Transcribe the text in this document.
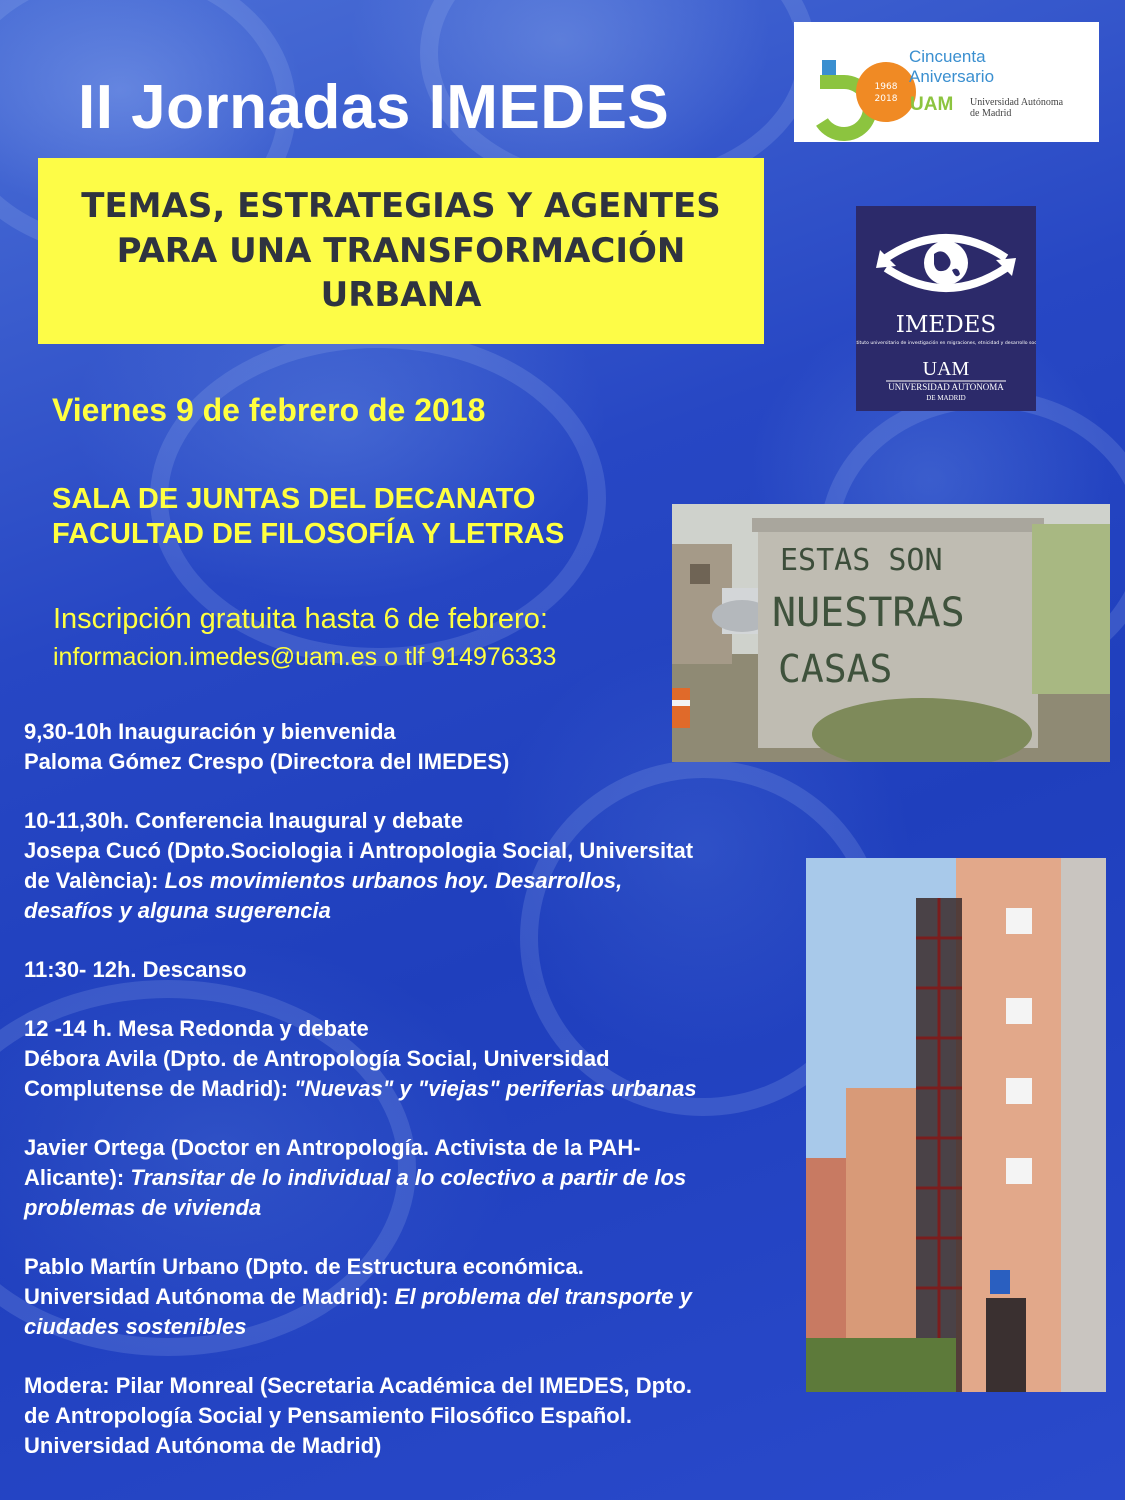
II Jornadas IMEDES
TEMAS, ESTRATEGIAS Y AGENTES
PARA UNA TRANSFORMACIÓN
URBANA
1968
2018
Cincuenta
Aniversario
UAM Universidad Autónoma
de Madrid
IMEDES
instituto universitario de investigación en migraciones, etnicidad y desarrollo social
UAM
UNIVERSIDAD AUTONOMA
DE MADRID

Viernes 9 de febrero de 2018

SALA DE JUNTAS DEL DECANATO
FACULTAD DE FILOSOFÍA Y LETRAS
Inscripción gratuita hasta 6 de febrero:
informacion.imedes@uam.es o tlf 914976333
ESTAS SON
NUESTRAS
CASAS

9,30-10h Inauguración y bienvenida

Paloma Gómez Crespo (Directora del IMEDES)

10-11,30h. Conferencia Inaugural y debate

Josepa Cucó (Dpto.Sociologia i Antropologia Social, Universitat

de València): Los movimientos urbanos hoy. Desarrollos,

desafíos y alguna sugerencia

11:30- 12h. Descanso

12 -14 h. Mesa Redonda y debate

Débora Avila (Dpto. de Antropología Social, Universidad

Complutense de Madrid): "Nuevas" y "viejas" periferias urbanas

Javier Ortega (Doctor en Antropología. Activista de la PAH-

Alicante): Transitar de lo individual a lo colectivo a partir de los

problemas de vivienda

Pablo Martín Urbano (Dpto. de Estructura económica.

Universidad Autónoma de Madrid): El problema del transporte y

ciudades sostenibles

Modera: Pilar Monreal (Secretaria Académica del IMEDES, Dpto.

de Antropología Social y Pensamiento Filosófico Español.

Universidad Autónoma de Madrid)
